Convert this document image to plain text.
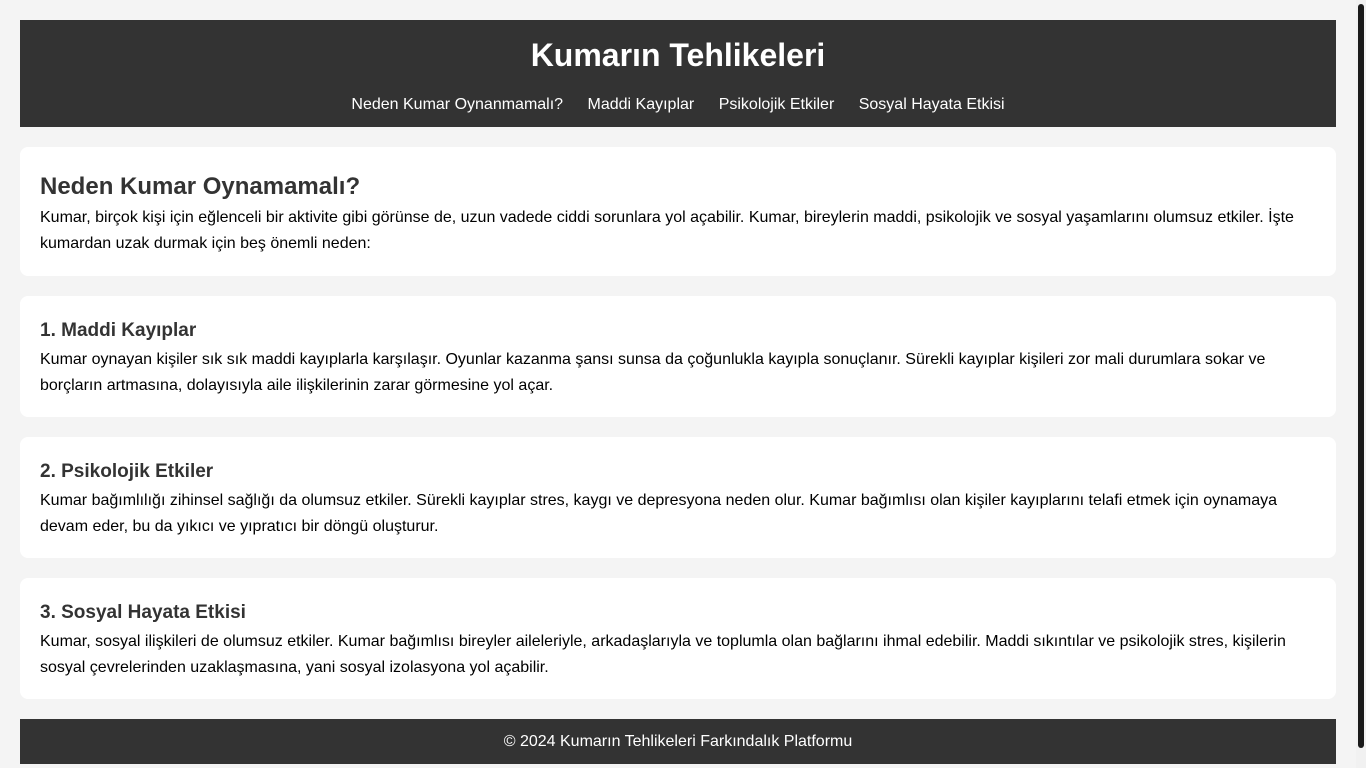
Kumarın Tehlikeleri
Neden Kumar Oynanmamalı? Maddi Kayıplar Psikolojik Etkiler Sosyal Hayata Etkisi
Neden Kumar Oynamamalı?

Kumar, birçok kişi için eğlenceli bir aktivite gibi görünse de, uzun vadede ciddi sorunlara yol açabilir. Kumar, bireylerin maddi, psikolojik ve sosyal yaşamlarını olumsuz etkiler. İşte kumardan uzak durmak için beş önemli neden:

1. Maddi Kayıplar

Kumar oynayan kişiler sık sık maddi kayıplarla karşılaşır. Oyunlar kazanma şansı sunsa da çoğunlukla kayıpla sonuçlanır. Sürekli kayıplar kişileri zor mali durumlara sokar ve borçların artmasına, dolayısıyla aile ilişkilerinin zarar görmesine yol açar.

2. Psikolojik Etkiler

Kumar bağımlılığı zihinsel sağlığı da olumsuz etkiler. Sürekli kayıplar stres, kaygı ve depresyona neden olur. Kumar bağımlısı olan kişiler kayıplarını telafi etmek için oynamaya devam eder, bu da yıkıcı ve yıpratıcı bir döngü oluşturur.

3. Sosyal Hayata Etkisi

Kumar, sosyal ilişkileri de olumsuz etkiler. Kumar bağımlısı bireyler aileleriyle, arkadaşlarıyla ve toplumla olan bağlarını ihmal edebilir. Maddi sıkıntılar ve psikolojik stres, kişilerin sosyal çevrelerinden uzaklaşmasına, yani sosyal izolasyona yol açabilir.

© 2024 Kumarın Tehlikeleri Farkındalık Platformu
